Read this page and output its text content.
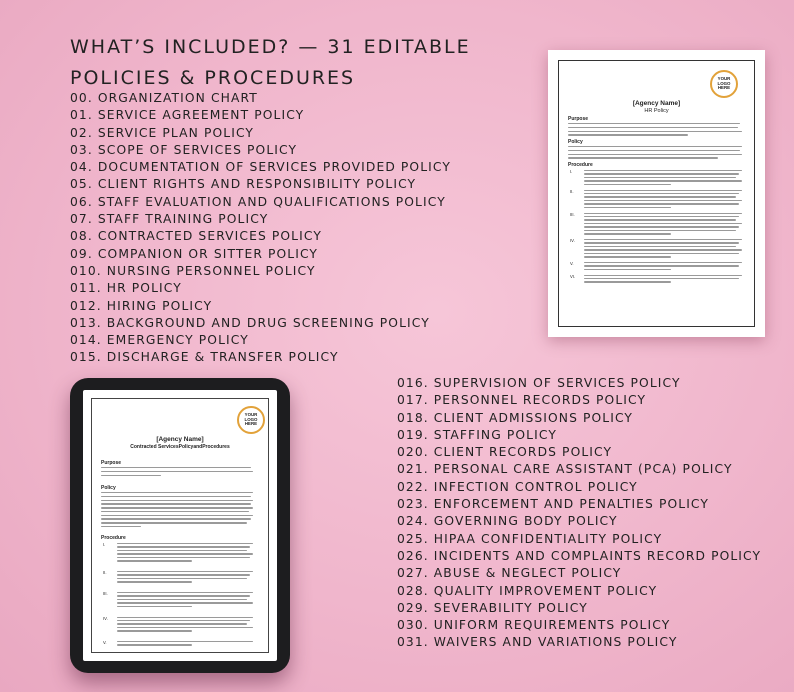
WHAT’S INCLUDED? — 31 EDITABLE
POLICIES & PROCEDURES
00. ORGANIZATION CHART
01. SERVICE AGREEMENT POLICY
02. SERVICE PLAN POLICY
03. SCOPE OF SERVICES POLICY
04. DOCUMENTATION OF SERVICES PROVIDED POLICY
05. CLIENT RIGHTS AND RESPONSIBILITY POLICY
06. STAFF EVALUATION AND QUALIFICATIONS POLICY
07. STAFF TRAINING POLICY
08. CONTRACTED SERVICES POLICY
09. COMPANION OR SITTER POLICY
010. NURSING PERSONNEL POLICY
011. HR POLICY
012. HIRING POLICY
013. BACKGROUND AND DRUG SCREENING POLICY
014. EMERGENCY POLICY
015. DISCHARGE & TRANSFER POLICY
016. SUPERVISION OF SERVICES POLICY
017. PERSONNEL RECORDS POLICY
018. CLIENT ADMISSIONS POLICY
019. STAFFING POLICY
020. CLIENT RECORDS POLICY
021. PERSONAL CARE ASSISTANT (PCA) POLICY
022. INFECTION CONTROL POLICY
023. ENFORCEMENT AND PENALTIES POLICY
024. GOVERNING BODY POLICY
025. HIPAA CONFIDENTIALITY POLICY
026. INCIDENTS AND COMPLAINTS RECORD POLICY
027. ABUSE & NEGLECT POLICY
028. QUALITY IMPROVEMENT POLICY
029. SEVERABILITY POLICY
030. UNIFORM REQUIREMENTS POLICY
031. WAIVERS AND VARIATIONS POLICY
YOUR
LOGO
HERE
[Agency Name]
HR Policy
Purpose
Policy
Procedure
I.
II.
III.
IV.
V.
VI.
YOUR
LOGO
HERE
[Agency Name]
Contracted ServicesPolicyandProcedures
Purpose
Policy
Procedure
I.
II.
III.
IV.
V.
